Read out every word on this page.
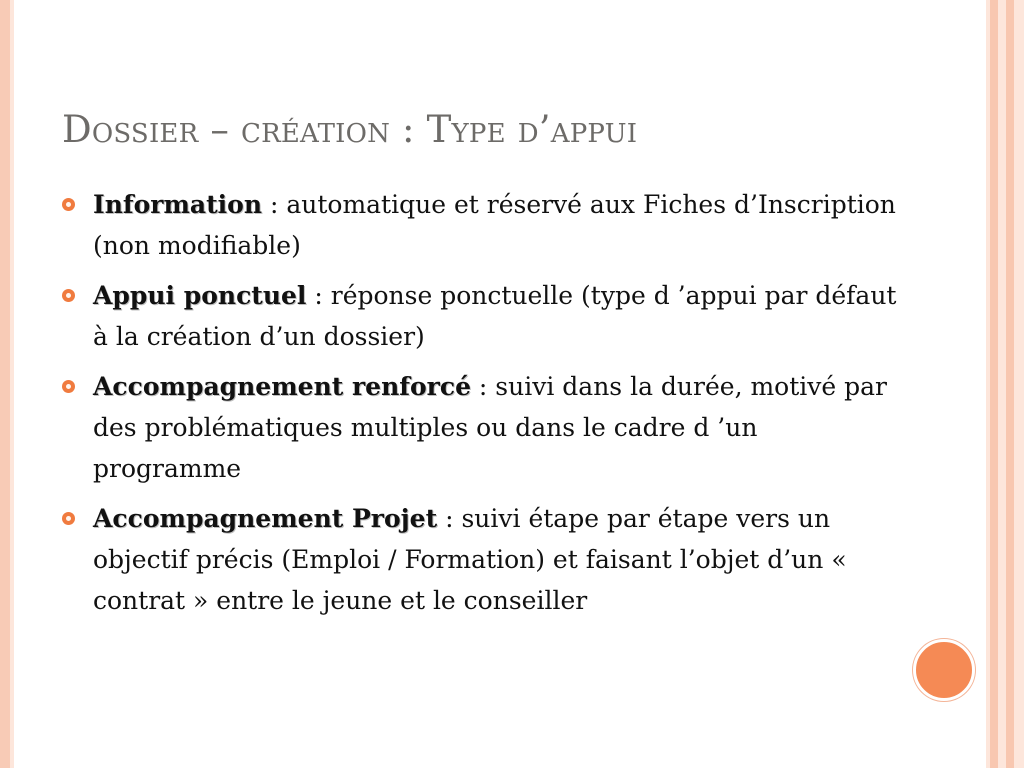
Dossier – création : Type d’appui
Information : automatique et réservé aux Fiches d’Inscription (non modifiable)
Appui ponctuel : réponse ponctuelle (type d ’appui par défaut à la création d’un dossier)
Accompagnement renforcé : suivi dans la durée, motivé par des problématiques multiples ou dans le cadre d ’un programme
Accompagnement Projet : suivi étape par étape vers un objectif précis (Emploi / Formation) et faisant l’objet d’un « contrat » entre le jeune et le conseiller
